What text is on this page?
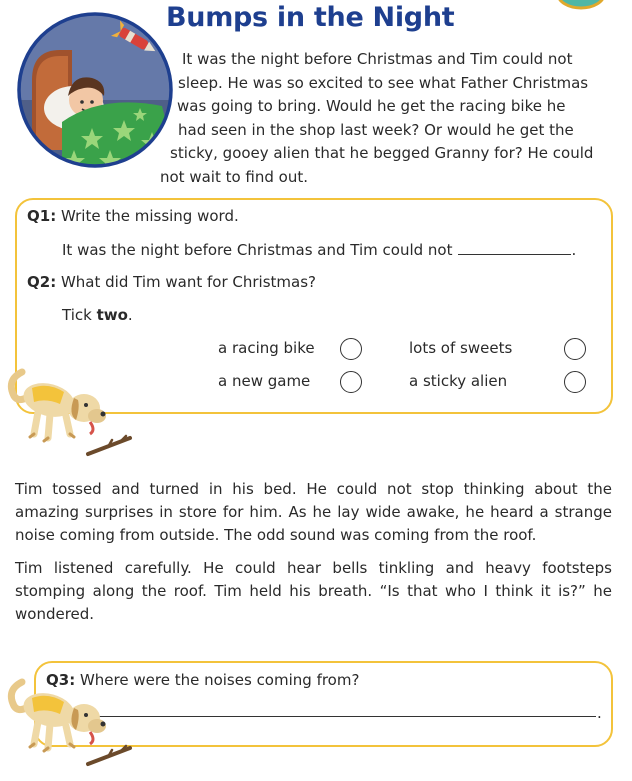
Bumps in the Night

It was the night before Christmas and Tim could not
sleep. He was so excited to see what Father Christmas
was going to bring. Would he get the racing bike he
had seen in the shop last week? Or would he get the
sticky, gooey alien that he begged Granny for? He could
not wait to find out.

Q1: Write the missing word.

It was the night before Christmas and Tim could not	.

Q2: What did Tim want for Christmas?

Tick two.

a racing bike	lots of sweets
a new game	a sticky alien

Tim tossed and turned in his bed. He could not stop thinking about the amazing surprises in store for him. As he lay wide awake, he heard a strange noise coming from outside. The odd sound was coming from the roof.

Tim listened carefully. He could hear bells tinkling and heavy footsteps stomping along the roof. Tim held his breath. “Is that who I think it is?” he wondered.

Q3: Where were the noises coming from?

.
